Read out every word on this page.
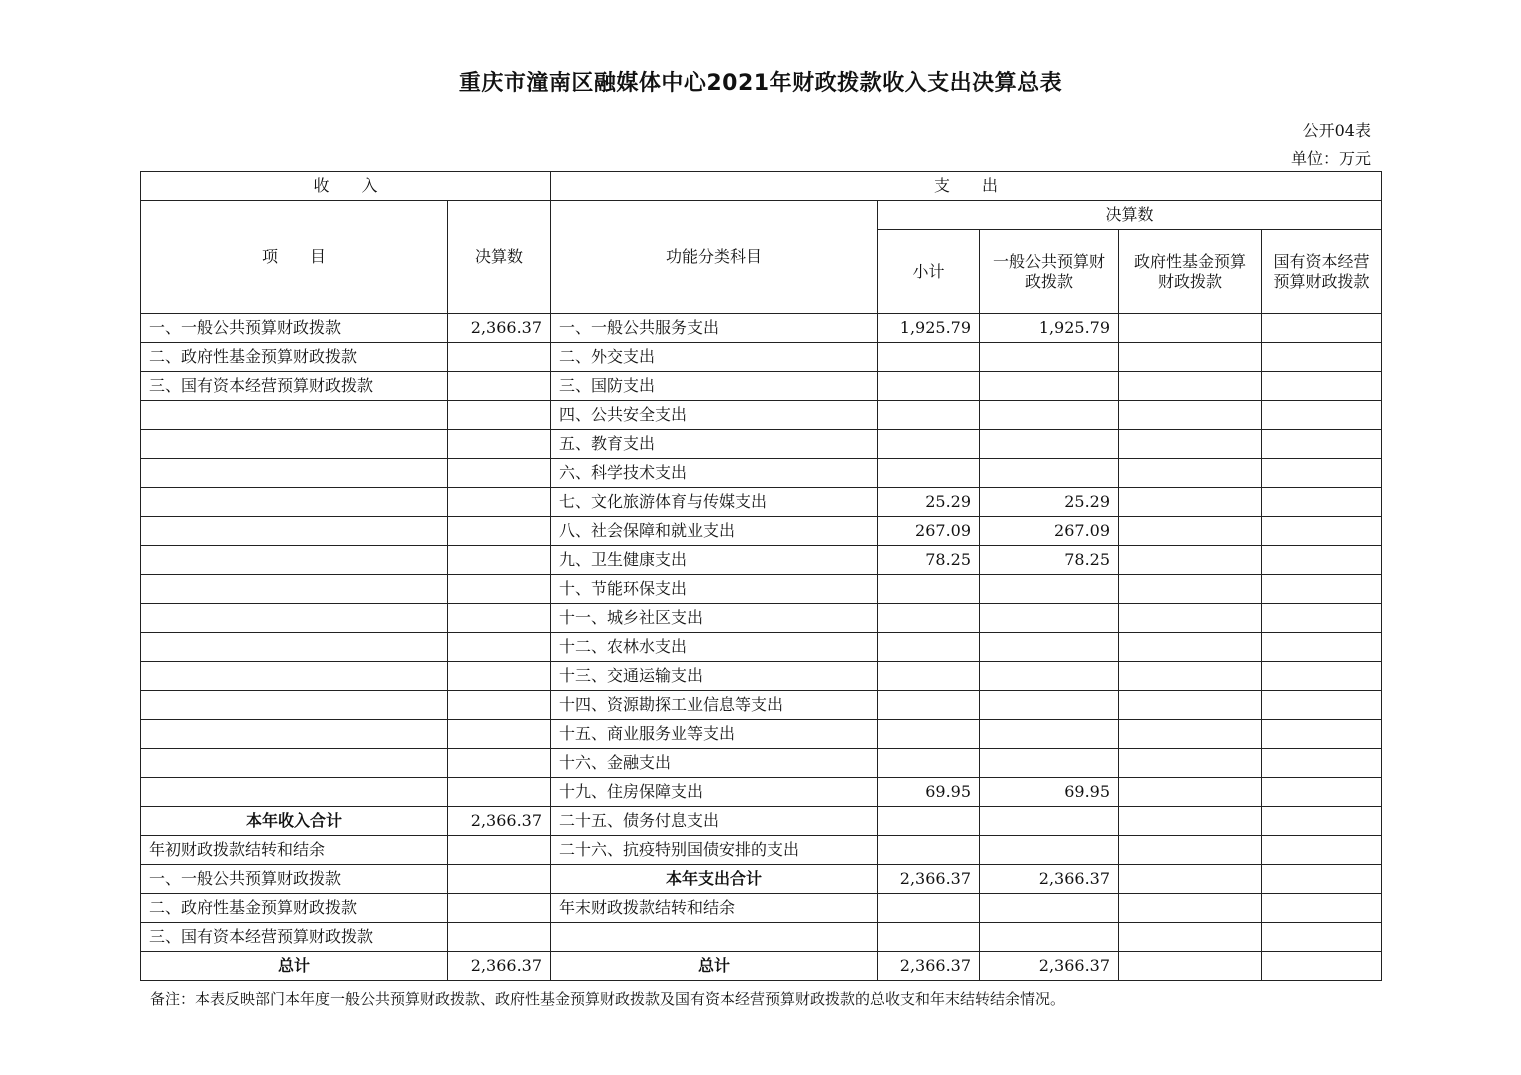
重庆市潼南区融媒体中心2021年财政拨款收入支出决算总表
公开04表
单位：万元
收　　入		支　　出				
项　　目	决算数	功能分类科目	决算数			
			小计	一般公共预算财政拨款	政府性基金预算财政拨款	国有资本经营预算财政拨款
一、一般公共预算财政拨款	2,366.37	一、一般公共服务支出	1,925.79	1,925.79		
二、政府性基金预算财政拨款		二、外交支出				
三、国有资本经营预算财政拨款		三、国防支出				
		四、公共安全支出				
		五、教育支出				
		六、科学技术支出				
		七、文化旅游体育与传媒支出	25.29	25.29		
		八、社会保障和就业支出	267.09	267.09		
		九、卫生健康支出	78.25	78.25		
		十、节能环保支出				
		十一、城乡社区支出				
		十二、农林水支出				
		十三、交通运输支出				
		十四、资源勘探工业信息等支出				
		十五、商业服务业等支出				
		十六、金融支出				
		十九、住房保障支出	69.95	69.95		
本年收入合计	2,366.37	二十五、债务付息支出				
年初财政拨款结转和结余		二十六、抗疫特别国债安排的支出				
一、一般公共预算财政拨款		本年支出合计	2,366.37	2,366.37		
二、政府性基金预算财政拨款		年末财政拨款结转和结余				
三、国有资本经营预算财政拨款						
总计	2,366.37	总计	2,366.37	2,366.37		
备注：本表反映部门本年度一般公共预算财政拨款、政府性基金预算财政拨款及国有资本经营预算财政拨款的总收支和年末结转结余情况。
